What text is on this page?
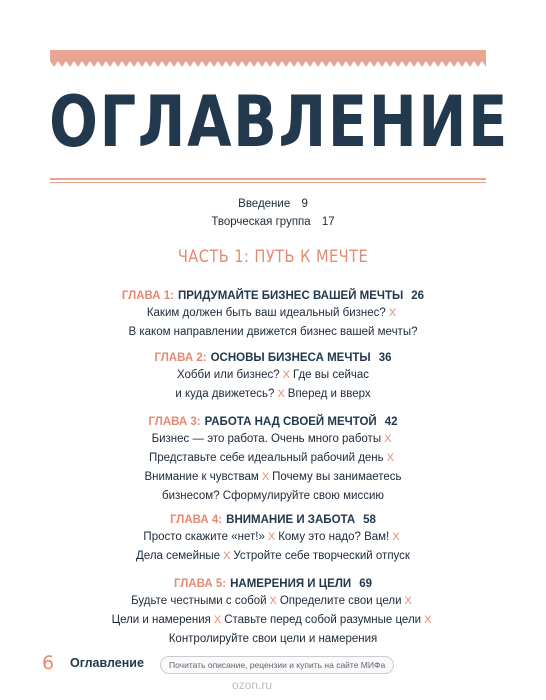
ОГЛАВЛЕНИЕ
Введение 9
Творческая группа 17
ЧАСТЬ 1: ПУТЬ К МЕЧТЕ
ГЛАВА 1: ПРИДУМАЙТЕ БИЗНЕС ВАШЕЙ МЕЧТЫ 26
Каким должен быть ваш идеальный бизнес? X
В каком направлении движется бизнес вашей мечты?
ГЛАВА 2: ОСНОВЫ БИЗНЕСА МЕЧТЫ 36
Хобби или бизнес? X Где вы сейчас
и куда движетесь? X Вперед и вверх
ГЛАВА 3: РАБОТА НАД СВОЕЙ МЕЧТОЙ 42
Бизнес — это работа. Очень много работы X
Представьте себе идеальный рабочий день X
Внимание к чувствам X Почему вы занимаетесь
бизнесом? Сформулируйте свою миссию
ГЛАВА 4: ВНИМАНИЕ И ЗАБОТА 58
Просто скажите «нет!» X Кому это надо? Вам! X
Дела семейные X Устройте себе творческий отпуск
ГЛАВА 5: НАМЕРЕНИЯ И ЦЕЛИ 69
Будьте честными с собой X Определите свои цели X
Цели и намерения X Ставьте перед собой разумные цели X
Контролируйте свои цели и намерения
6 Оглавление	Почитать описание, рецензии и купить на сайте МИФа
ozon.ru
